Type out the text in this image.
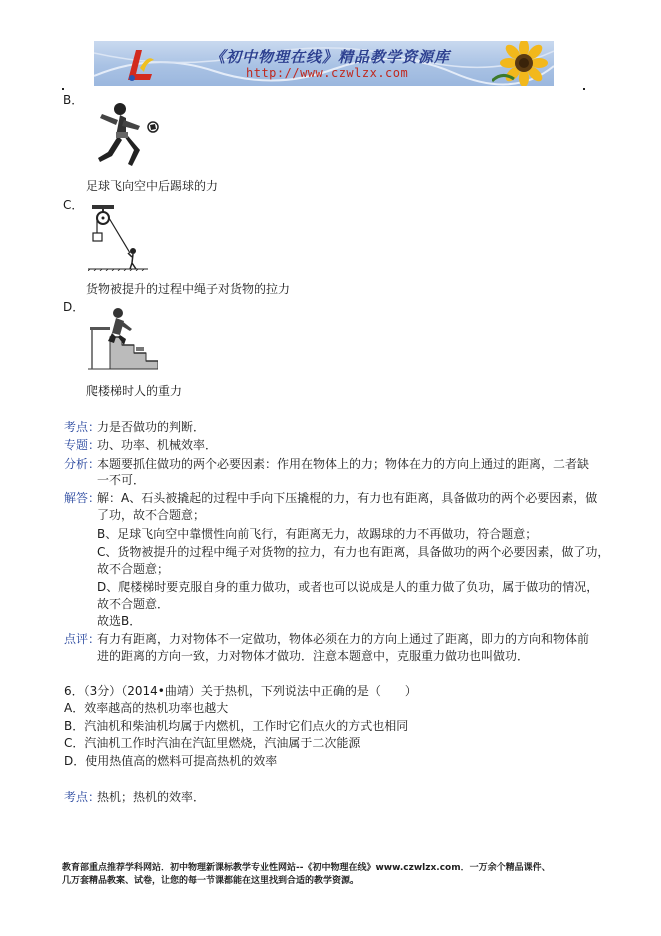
《初中物理在线》精品教学资源库
http://www.czwlzx.com
B．
足球飞向空中后踢球的力
C．
货物被提升的过程中绳子对货物的拉力
D．
爬楼梯时人的重力
考点：
力是否做功的判断．
专题：
功、功率、机械效率．
分析：
本题要抓住做功的两个必要因素：作用在物体上的力；物体在力的方向上通过的距离，二者缺
一不可．
解答：
解：A、石头被撬起的过程中手向下压撬棍的力，有力也有距离，具备做功的两个必要因素，做
了功，故不合题意；
B、足球飞向空中靠惯性向前飞行，有距离无力，故踢球的力不再做功，符合题意；
C、货物被提升的过程中绳子对货物的拉力，有力也有距离，具备做功的两个必要因素，做了功，
故不合题意；
D、爬楼梯时要克服自身的重力做功，或者也可以说成是人的重力做了负功，属于做功的情况，
故不合题意．
故选B．
点评：
有力有距离，力对物体不一定做功，物体必须在力的方向上通过了距离，即力的方向和物体前
进的距离的方向一致，力对物体才做功．注意本题意中，克服重力做功也叫做功．
6．（3分）（2014•曲靖）关于热机，下列说法中正确的是（　　）
A．效率越高的热机功率也越大
B．汽油机和柴油机均属于内燃机，工作时它们点火的方式也相同
C．汽油机工作时汽油在汽缸里燃烧，汽油属于二次能源
D．使用热值高的燃料可提高热机的效率
考点：
热机；热机的效率．
教育部重点推荐学科网站．初中物理新课标教学专业性网站--《初中物理在线》www.czwlzx.com．一万余个精品课件、
几万套精品教案、试卷，让您的每一节课都能在这里找到合适的教学资源。
